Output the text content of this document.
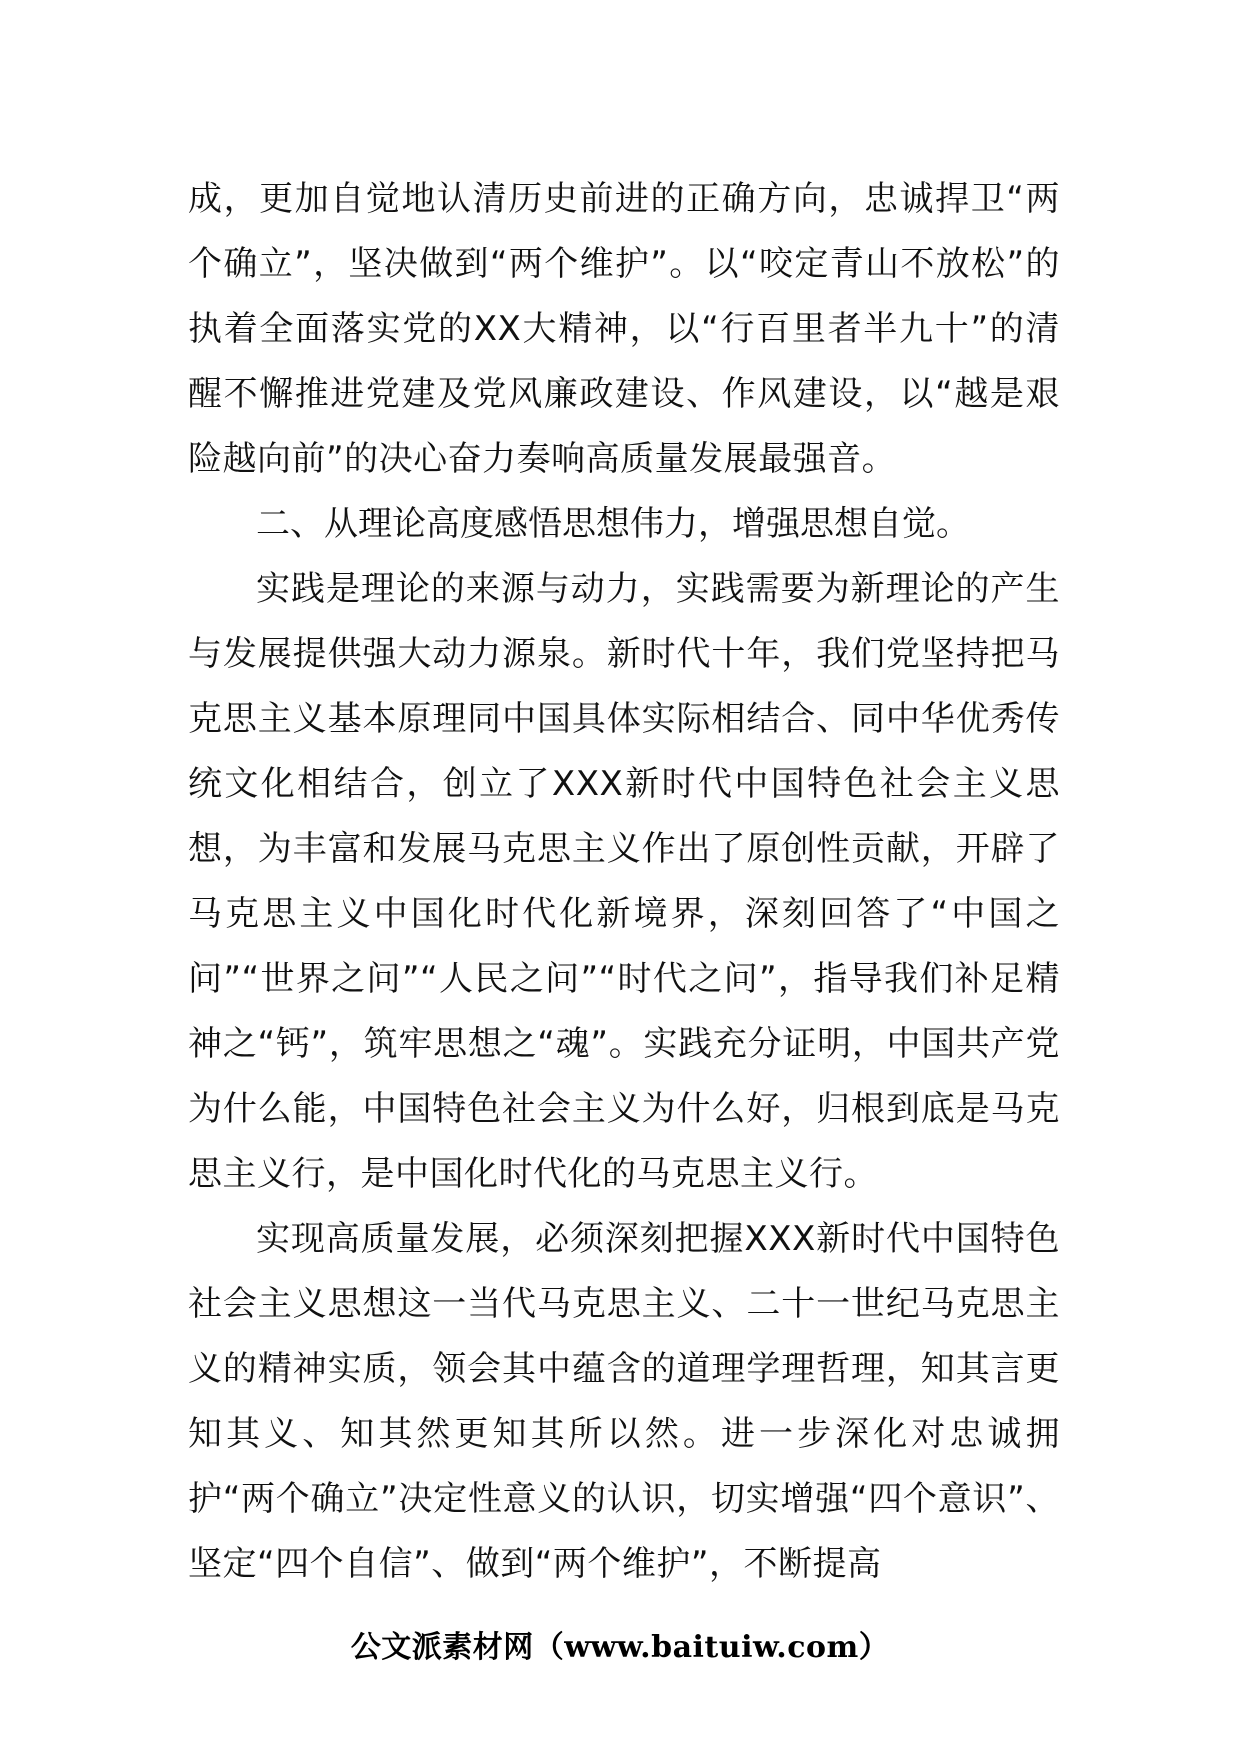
成，更加自觉地认清历史前进的正确方向，忠诚捍卫“两个确立”，坚决做到“两个维护”。以“咬定青山不放松”的执着全面落实党的XX大精神，以“行百里者半九十”的清醒不懈推进党建及党风廉政建设、作风建设，以“越是艰险越向前”的决心奋力奏响高质量发展最强音。

二、从理论高度感悟思想伟力，增强思想自觉。

实践是理论的来源与动力，实践需要为新理论的产生与发展提供强大动力源泉。新时代十年，我们党坚持把马克思主义基本原理同中国具体实际相结合、同中华优秀传统文化相结合，创立了XXX新时代中国特色社会主义思想，为丰富和发展马克思主义作出了原创性贡献，开辟了马克思主义中国化时代化新境界，深刻回答了“中国之问”“世界之问”“人民之问”“时代之问”，指导我们补足精神之“钙”，筑牢思想之“魂”。实践充分证明，中国共产党为什么能，中国特色社会主义为什么好，归根到底是马克思主义行，是中国化时代化的马克思主义行。

实现高质量发展，必须深刻把握XXX新时代中国特色社会主义思想这一当代马克思主义、二十一世纪马克思主义的精神实质，领会其中蕴含的道理学理哲理，知其言更知其义、知其然更知其所以然。进一步深化对忠诚拥护“两个确立”决定性意义的认识，切实增强“四个意识”、坚定“四个自信”、做到“两个维护”，不断提高

公文派素材网（www.baituiw.com）
